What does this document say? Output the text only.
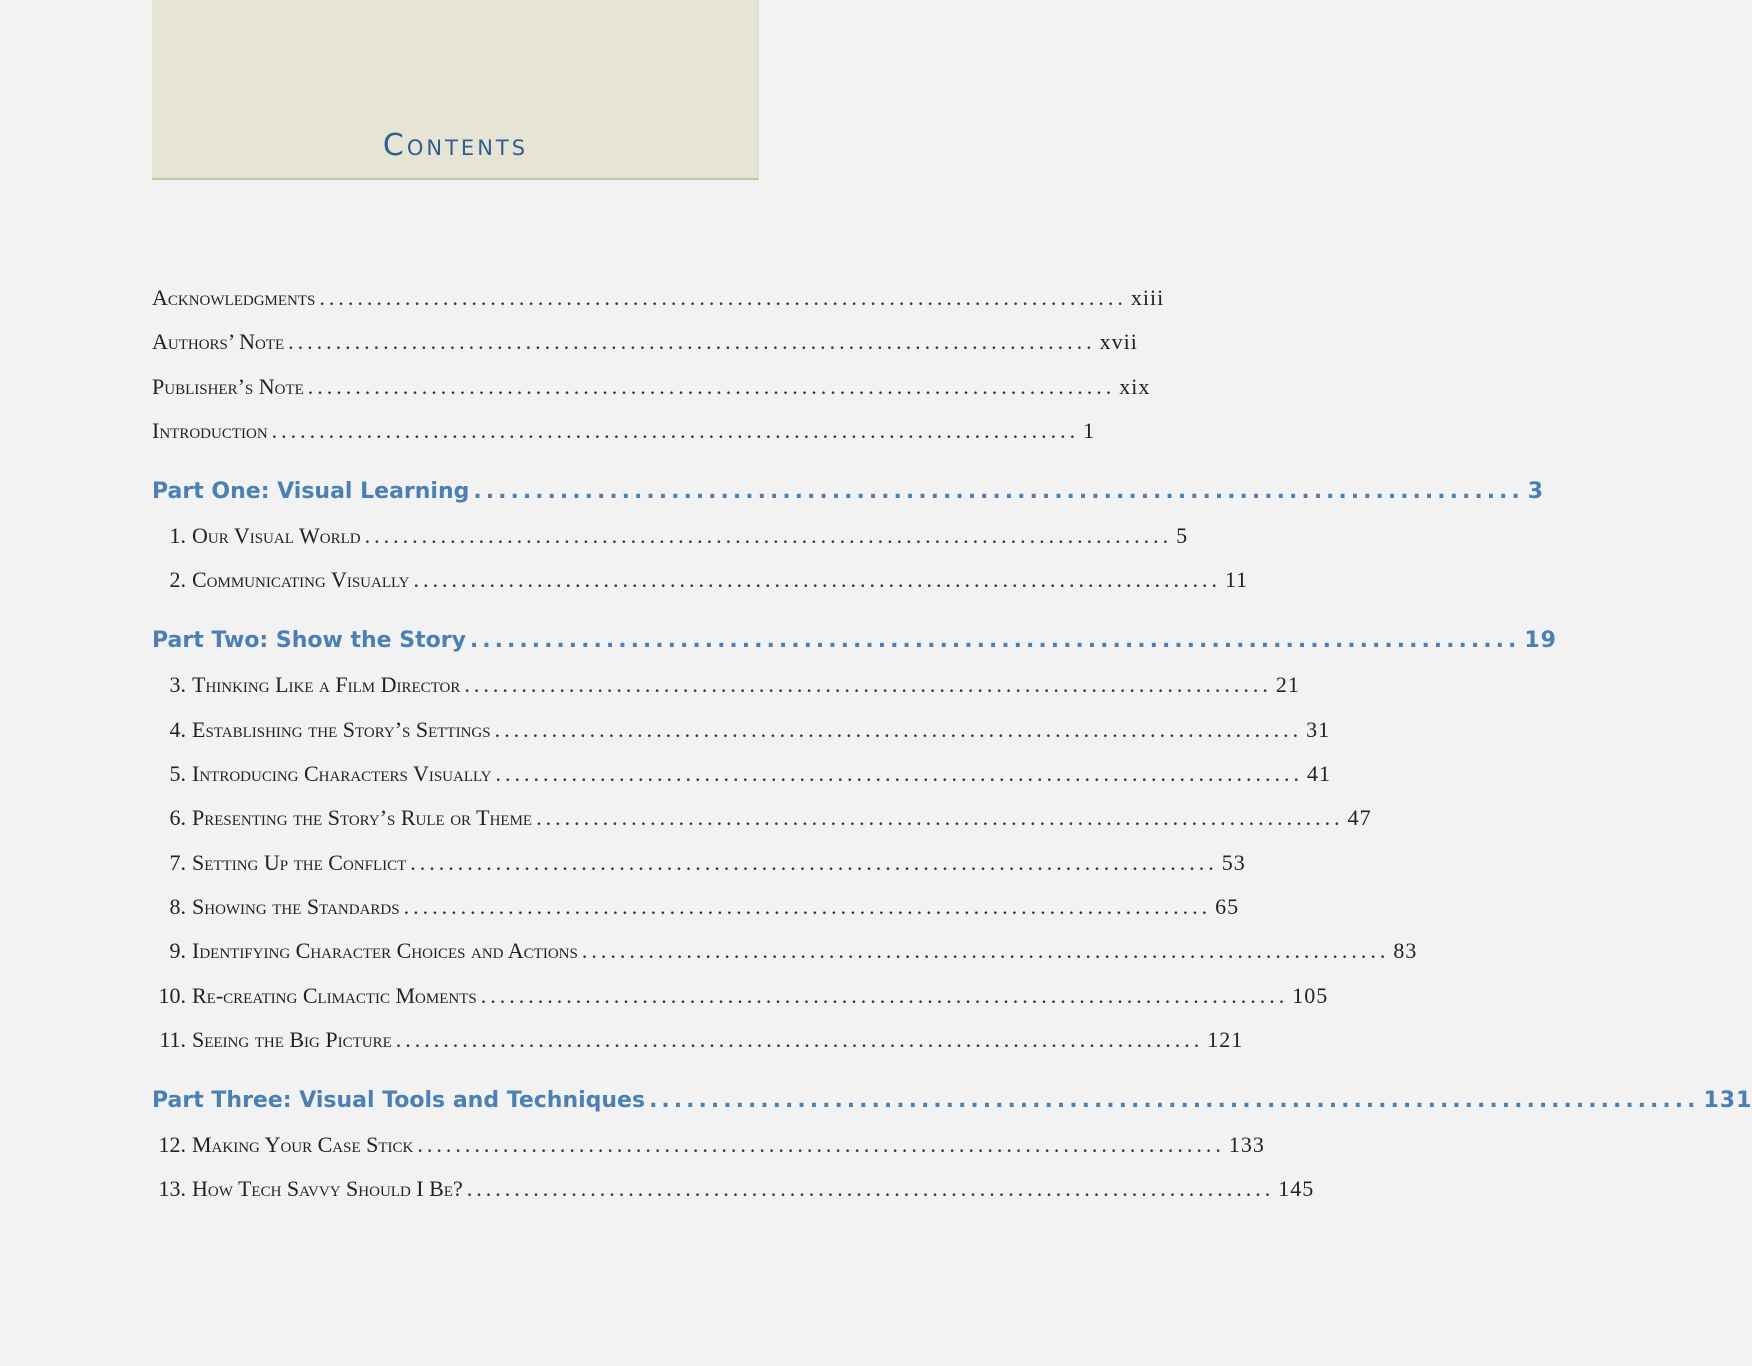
Contents
Acknowledgments ..................................................................................... xiii
Authors’ Note ..................................................................................... xvii
Publisher’s Note ..................................................................................... xix
Introduction ..................................................................................... 1
Part One: Visual Learning ..................................................................................... 3
1. Our Visual World ..................................................................................... 5
2. Communicating Visually ..................................................................................... 11
Part Two: Show the Story ..................................................................................... 19
3. Thinking Like a Film Director ..................................................................................... 21
4. Establishing the Story’s Settings ..................................................................................... 31
5. Introducing Characters Visually ..................................................................................... 41
6. Presenting the Story’s Rule or Theme ..................................................................................... 47
7. Setting Up the Conflict ..................................................................................... 53
8. Showing the Standards ..................................................................................... 65
9. Identifying Character Choices and Actions ..................................................................................... 83
10. Re-creating Climactic Moments ..................................................................................... 105
11. Seeing the Big Picture ..................................................................................... 121
Part Three: Visual Tools and Techniques ..................................................................................... 131
12. Making Your Case Stick ..................................................................................... 133
13. How Tech Savvy Should I Be? ..................................................................................... 145
